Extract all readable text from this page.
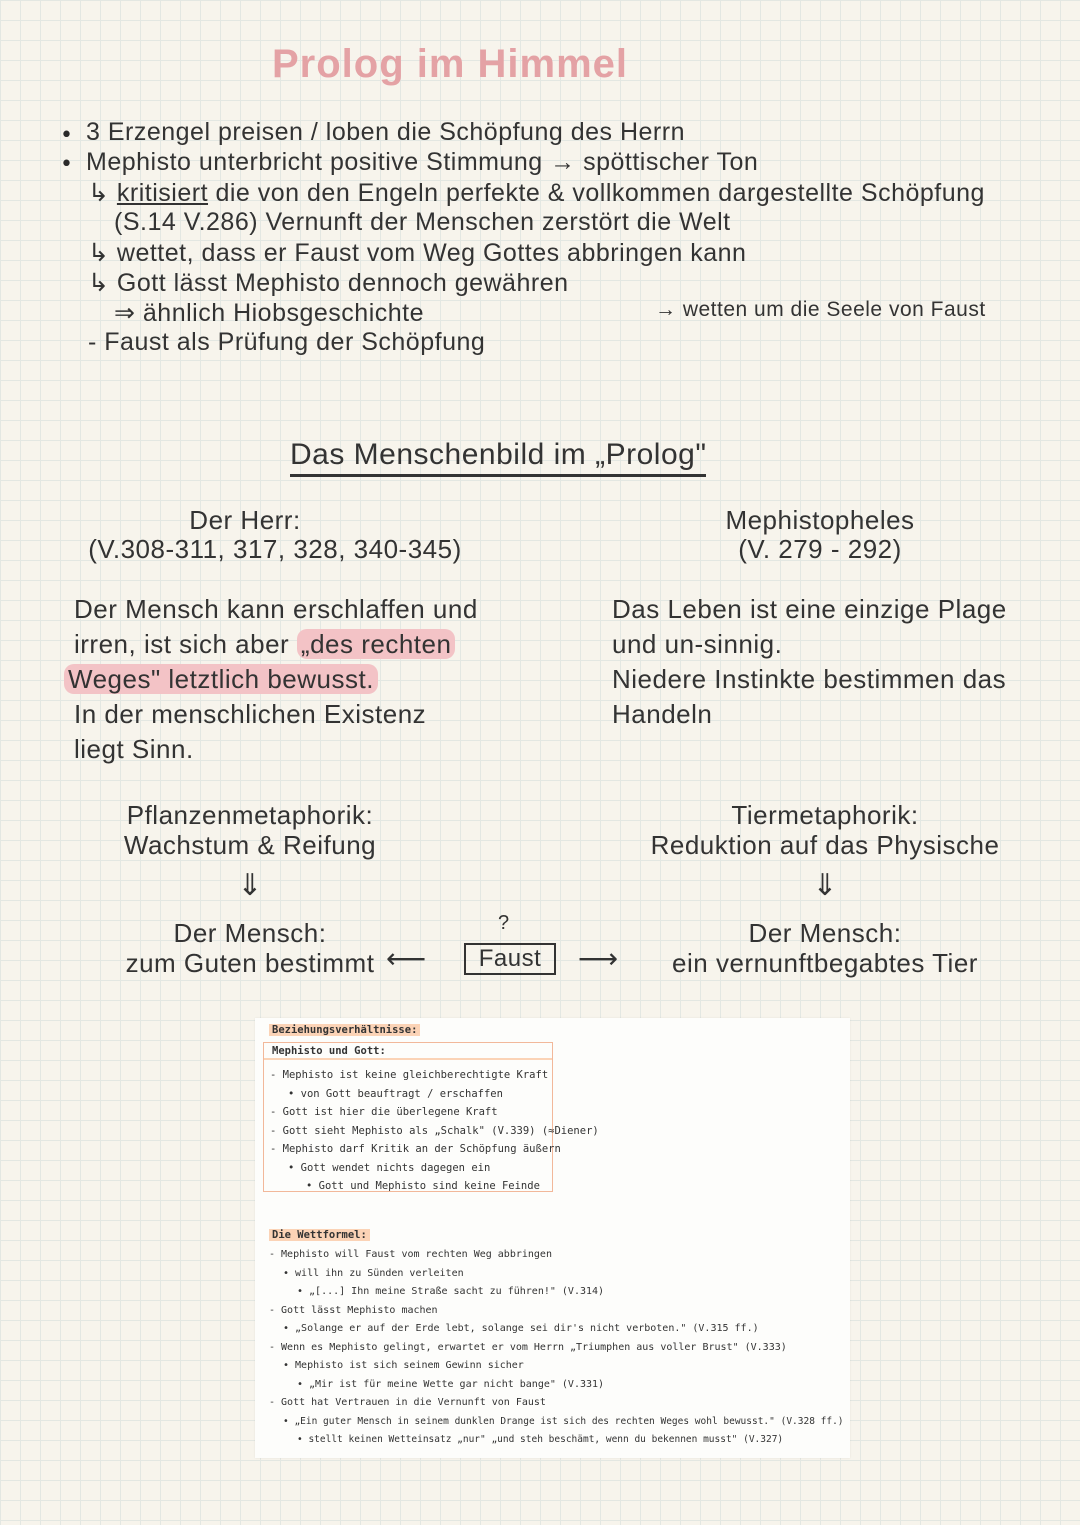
Prolog im Himmel
•
•
3 Erzengel preisen / loben die Schöpfung des Herrn
Mephisto unterbricht positive Stimmung → spöttischer Ton
↳ kritisiert die von den Engeln perfekte & vollkommen dargestellte Schöpfung
(S.14 V.286) Vernunft der Menschen zerstört die Welt
↳ wettet, dass er Faust vom Weg Gottes abbringen kann
↳ Gott lässt Mephisto dennoch gewähren
⇒ ähnlich Hiobsgeschichte	→ wetten um die Seele von Faust
- Faust als Prüfung der Schöpfung
Das Menschenbild im „Prolog"
Der Herr:
(V.308-311, 317, 328, 340-345)
Der Mensch kann erschlaffen und
irren, ist sich aber „des rechten
Weges" letztlich bewusst.
In der menschlichen Existenz
liegt Sinn.
Mephistopheles
(V. 279 - 292)
Das Leben ist eine einzige Plage
und un-sinnig.
Niedere Instinkte bestimmen das
Handeln
Pflanzenmetaphorik:
Wachstum & Reifung
⇓
Der Mensch:
zum Guten bestimmt
Tiermetaphorik:
Reduktion auf das Physische
⇓
Der Mensch:
ein vernunftbegabtes Tier
?
⟵	Faust	⟶
Beziehungsverhältnisse:
Mephisto und Gott:
- Mephisto ist keine gleichberechtigte Kraft
• von Gott beauftragt / erschaffen
- Gott ist hier die überlegene Kraft
- Gott sieht Mephisto als „Schalk" (V.339) (≈Diener)
- Mephisto darf Kritik an der Schöpfung äußern
• Gott wendet nichts dagegen ein
• Gott und Mephisto sind keine Feinde
Die Wettformel:
- Mephisto will Faust vom rechten Weg abbringen
• will ihn zu Sünden verleiten
• „[...] Ihn meine Straße sacht zu führen!" (V.314)
- Gott lässt Mephisto machen
• „Solange er auf der Erde lebt, solange sei dir's nicht verboten." (V.315 ff.)
- Wenn es Mephisto gelingt, erwartet er vom Herrn „Triumphen aus voller Brust" (V.333)
• Mephisto ist sich seinem Gewinn sicher
• „Mir ist für meine Wette gar nicht bange" (V.331)
- Gott hat Vertrauen in die Vernunft von Faust
• „Ein guter Mensch in seinem dunklen Drange ist sich des rechten Weges wohl bewusst." (V.328 ff.)
• stellt keinen Wetteinsatz „nur" „und steh beschämt, wenn du bekennen musst" (V.327)
